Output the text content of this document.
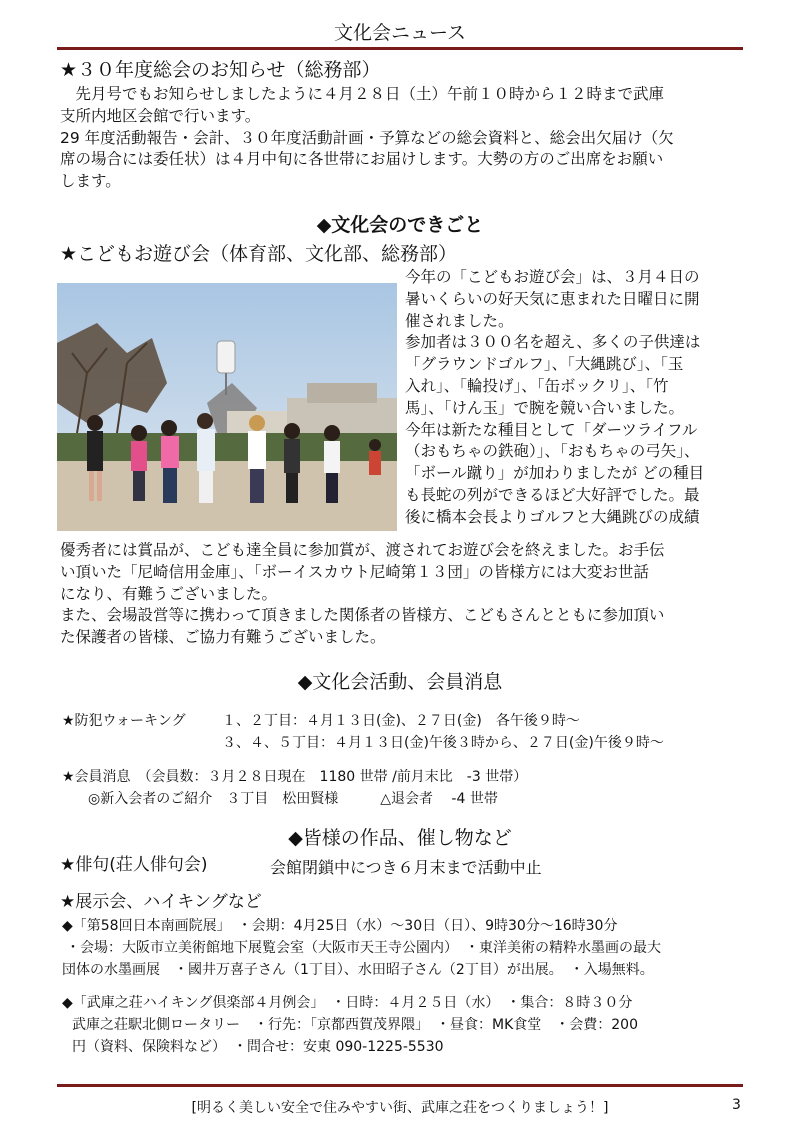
文化会ニュース
★３０年度総会のお知らせ（総務部）
　先月号でもお知らせしましたように４月２８日（土）午前１０時から１２時まで武庫
支所内地区会館で行います。
29 年度活動報告・会計、３０年度活動計画・予算などの総会資料と、総会出欠届け（欠
席の場合には委任状）は４月中旬に各世帯にお届けします。大勢の方のご出席をお願い
します。
◆文化会のできごと
★こどもお遊び会（体育部、文化部、総務部）
今年の「こどもお遊び会」は、３月４日の
暑いくらいの好天気に恵まれた日曜日に開
催されました。
参加者は３００名を超え、多くの子供達は
「グラウンドゴルフ」、「大縄跳び」、「玉
入れ」、「輪投げ」、「缶ボックリ」、「竹
馬」、「けん玉」で腕を競い合いました。
今年は新たな種目として「ダーツライフル
（おもちゃの鉄砲）」、「おもちゃの弓矢」、
「ボール蹴り」が加わりましたが どの種目
も長蛇の列ができるほど大好評でした。最
後に橋本会長よりゴルフと大縄跳びの成績
優秀者には賞品が、こども達全員に参加賞が、渡されてお遊び会を終えました。お手伝
い頂いた「尼崎信用金庫」、「ボーイスカウト尼崎第１３団」の皆様方には大変お世話
になり、有難うございました。
また、会場設営等に携わって頂きました関係者の皆様方、こどもさんとともに参加頂い
た保護者の皆様、ご協力有難うございました。
◆文化会活動、会員消息
★防犯ウォーキング	１、２丁目：４月１３日(金)、２７日(金)　各午後９時～
３、４、５丁目：４月１３日(金)午後３時から、２７日(金)午後９時～
★会員消息　（会員数：３月２８日現在　1180 世帯 /前月末比　-3 世帯）
◎新入会者のご紹介　３丁目　松田賢様　　　△退会者　 -4 世帯
◆皆様の作品、催し物など
★俳句(荘人俳句会)	会館閉鎖中につき６月末まで活動中止
★展示会、ハイキングなど
◆「第58回日本南画院展」　・会期：4月25日（水）～30日（日）、9時30分～16時30分
・会場：大阪市立美術館地下展覧会室（大阪市天王寺公園内）　・東洋美術の精粋水墨画の最大
団体の水墨画展　・國井万喜子さん（1丁目）、水田昭子さん（2丁目）が出展。　・入場無料。
◆「武庫之荘ハイキング倶楽部４月例会」　・日時：４月２５日（水）　・集合：８時３０分
武庫之荘駅北側ロータリー　・行先：「京都西賀茂界隈」　・昼食：MK食堂　・会費：200
円（資料、保険料など）　・問合せ：安東 090-1225-5530
[明るく美しい安全で住みやすい街、武庫之荘をつくりましょう！]	3
